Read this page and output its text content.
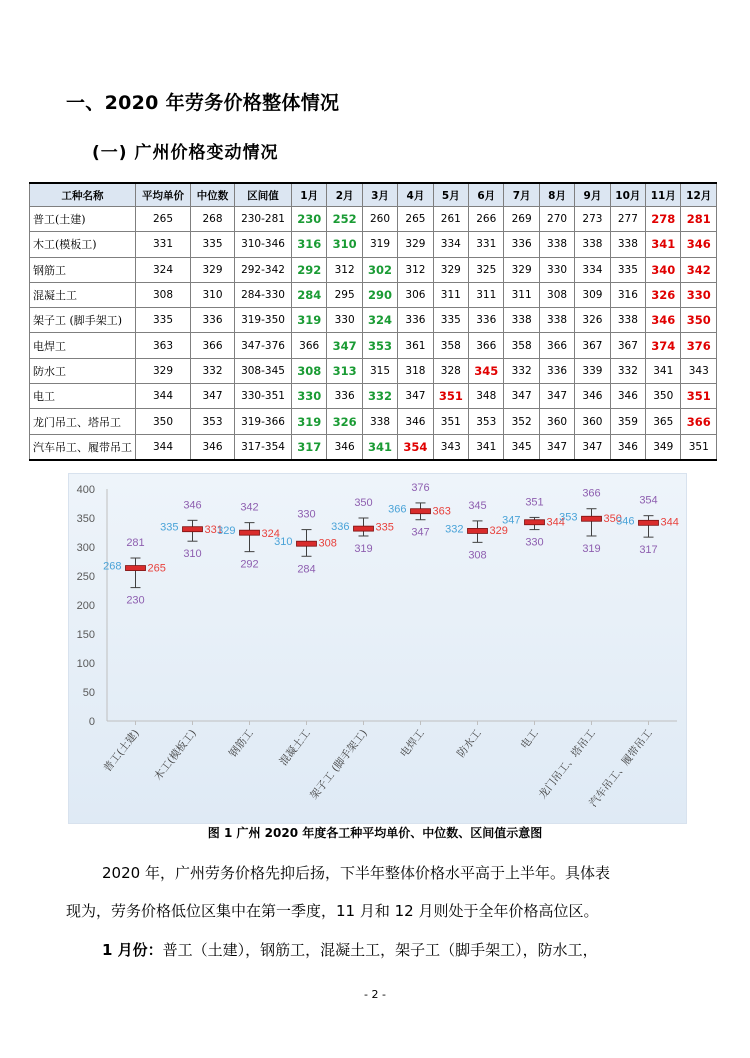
一、2020 年劳务价格整体情况
(一) 广州价格变动情况
工种名称	平均单价	中位数	区间值	1月	2月	3月	4月	5月	6月	7月	8月	9月	10月	11月	12月
普工(土建)	265	268	230-281	230	252	260	265	261	266	269	270	273	277	278	281
木工(模板工)	331	335	310-346	316	310	319	329	334	331	336	338	338	338	341	346
钢筋工	324	329	292-342	292	312	302	312	329	325	329	330	334	335	340	342
混凝土工	308	310	284-330	284	295	290	306	311	311	311	308	309	316	326	330
架子工 (脚手架工)	335	336	319-350	319	330	324	336	335	336	338	338	326	338	346	350
电焊工	363	366	347-376	366	347	353	361	358	366	358	366	367	367	374	376
防水工	329	332	308-345	308	313	315	318	328	345	332	336	339	332	341	343
电工	344	347	330-351	330	336	332	347	351	348	347	347	346	346	350	351
龙门吊工、塔吊工	350	353	319-366	319	326	338	346	351	353	352	360	360	359	365	366
汽车吊工、履带吊工	344	346	317-354	317	346	341	354	343	341	345	347	347	346	349	351
0
50
100
150
200
250
300
350
400
普工(土建) 木工(模板工)	钢筋工 混凝土工
架子工 (脚手架工)	电焊工	防水工	电工
龙门吊工、塔吊工
汽车吊工、履带吊工
281
230
268 265
346
310
335 331
342
292
329 324
330
284
310 308
350
319
336 335
376
347
366 363 345
308
332 329
351
330
347 344
366
319
353 350
354
317
346 344
图 1 广州 2020 年度各工种平均单价、中位数、区间值示意图
2020 年，广州劳务价格先抑后扬，下半年整体价格水平高于上半年。具体表
现为，劳务价格低位区集中在第一季度，11 月和 12 月则处于全年价格高位区。
1 月份：普工（土建），钢筋工，混凝土工，架子工（脚手架工），防水工，
- 2 -
